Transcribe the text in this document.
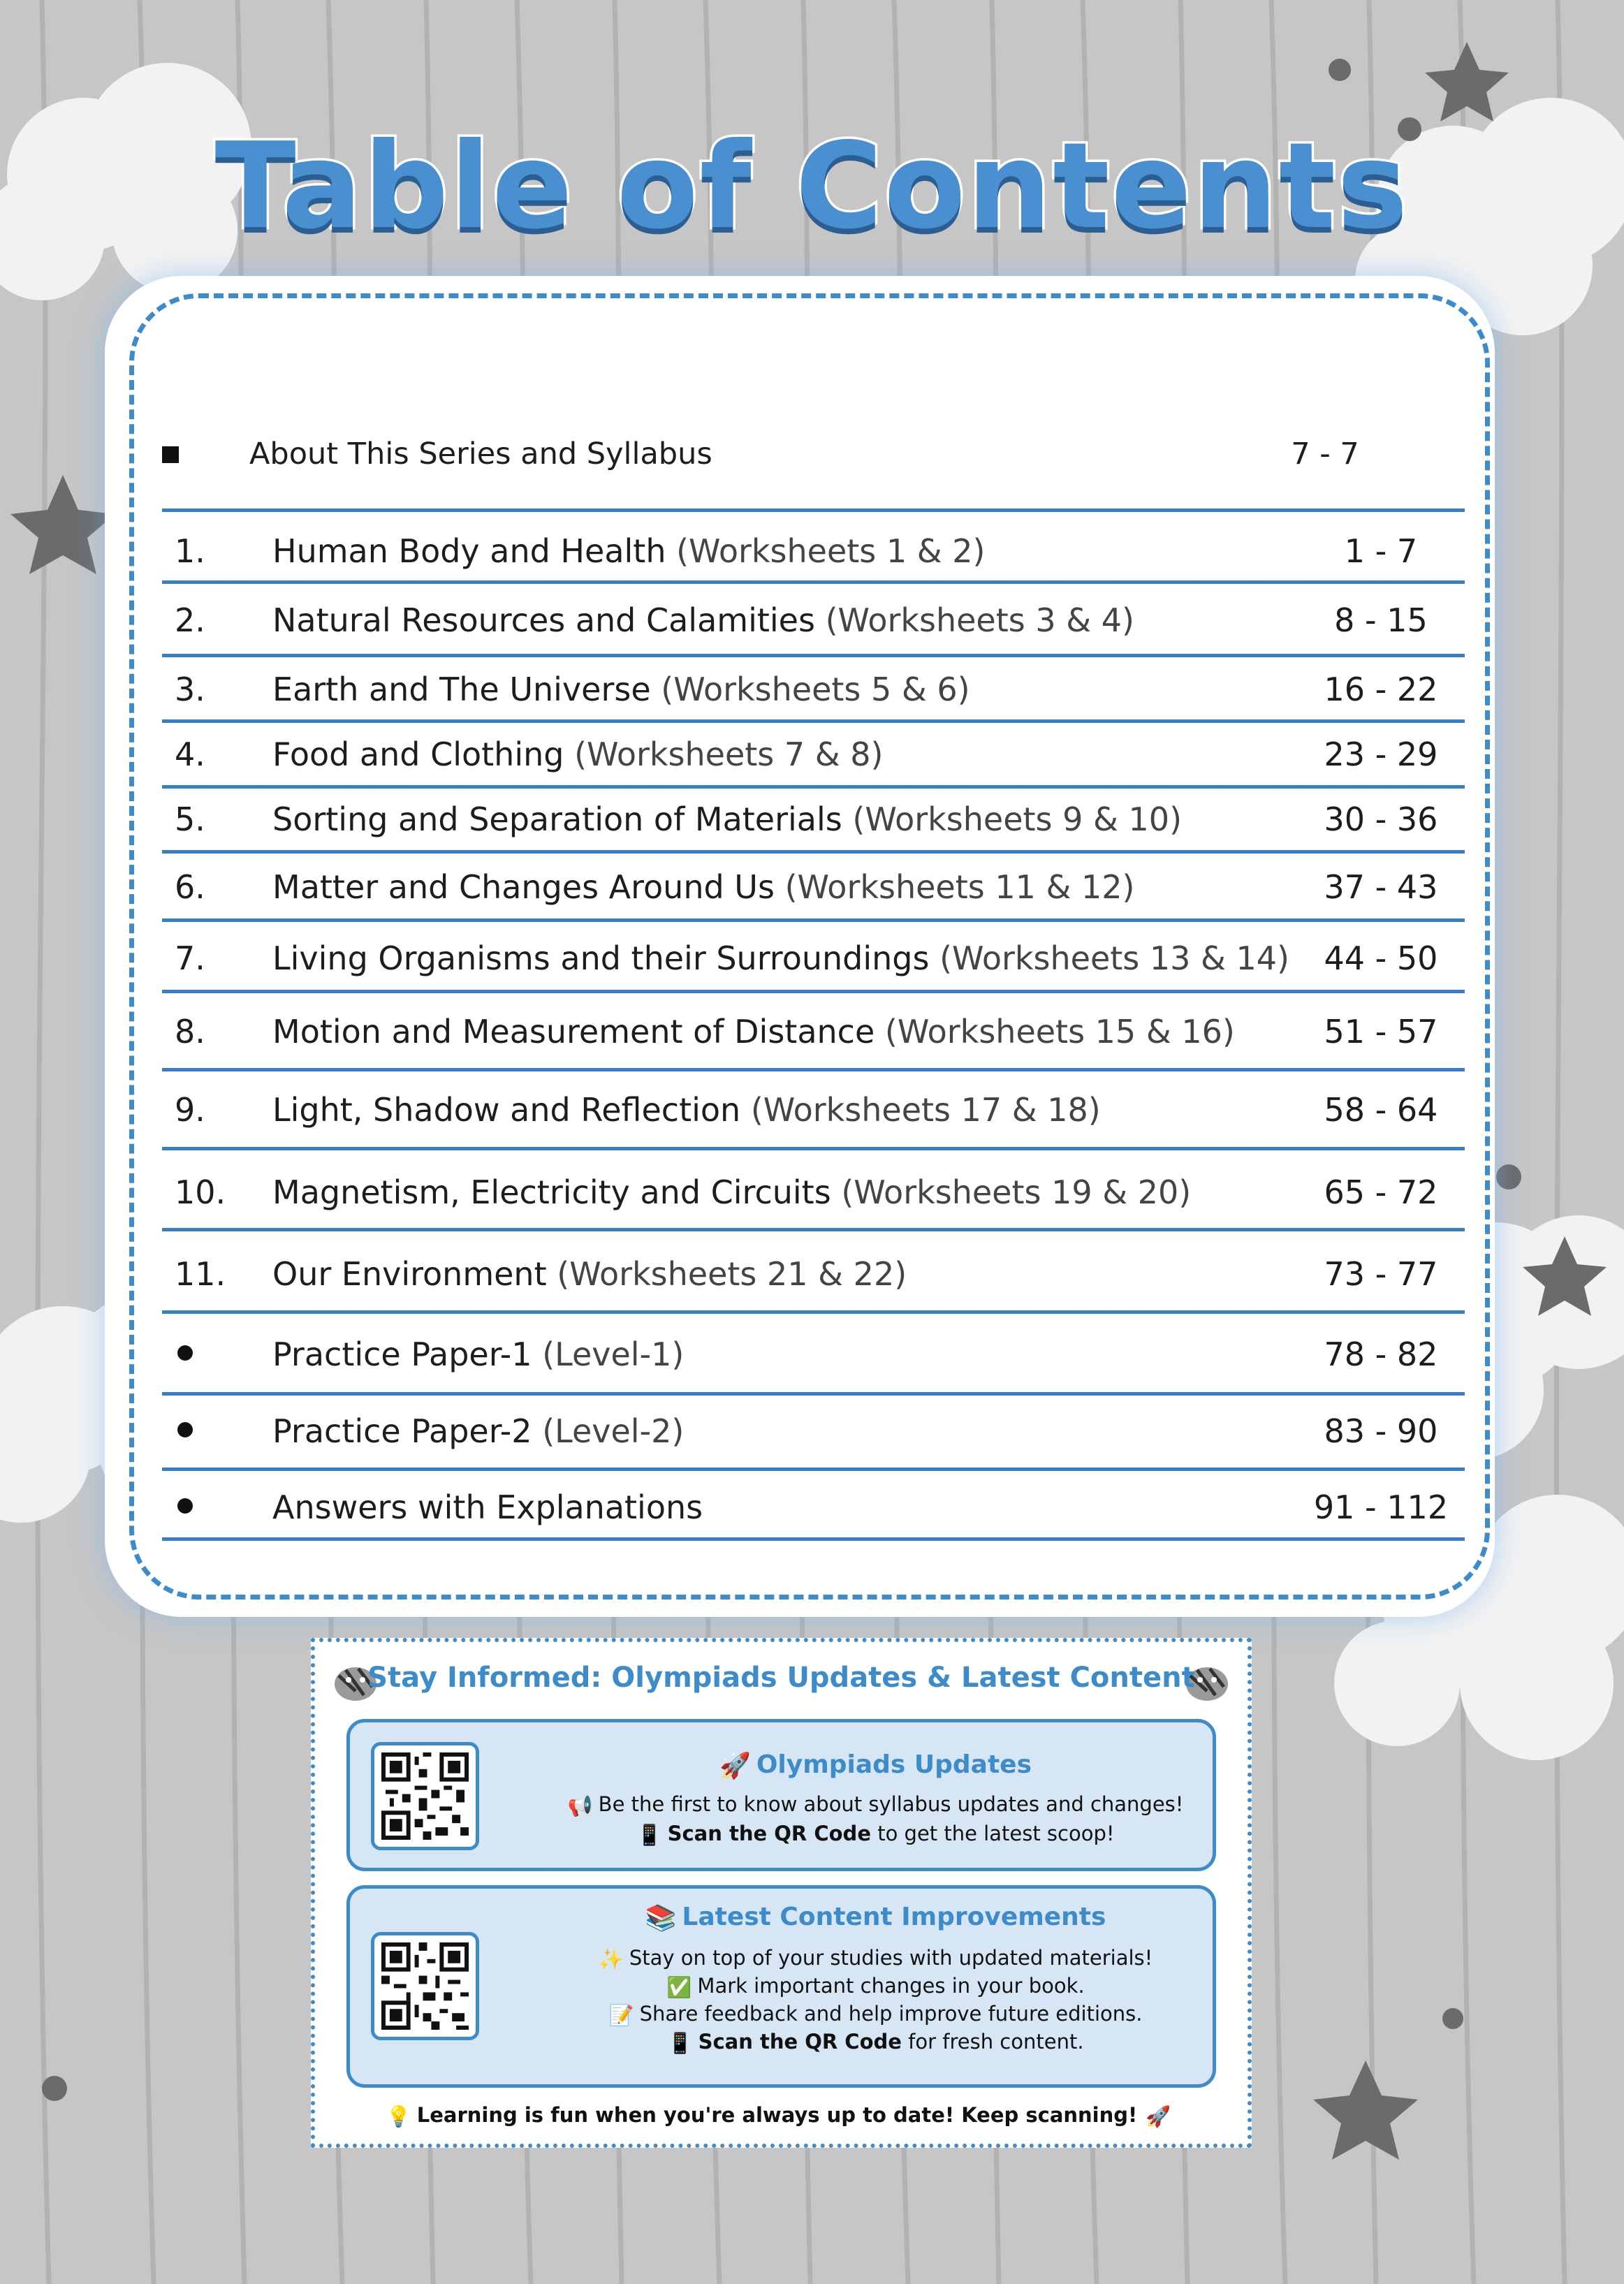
Table of Contents
About This Series and Syllabus	7 - 7
1. Human Body and Health (Worksheets 1 & 2)	1 - 7
2. Natural Resources and Calamities (Worksheets 3 & 4)	8 - 15
3. Earth and The Universe (Worksheets 5 & 6)	16 - 22
4. Food and Clothing (Worksheets 7 & 8)	23 - 29
5. Sorting and Separation of Materials (Worksheets 9 & 10)	30 - 36
6. Matter and Changes Around Us (Worksheets 11 & 12)	37 - 43
7. Living Organisms and their Surroundings (Worksheets 13 & 14)	44 - 50
8. Motion and Measurement of Distance (Worksheets 15 & 16)	51 - 57
9. Light, Shadow and Reflection (Worksheets 17 & 18)	58 - 64
10. Magnetism, Electricity and Circuits (Worksheets 19 & 20)	65 - 72
11. Our Environment (Worksheets 21 & 22)	73 - 77
Practice Paper-1 (Level-1)	78 - 82
Practice Paper-2 (Level-2)	83 - 90
Answers with Explanations	91 - 112
Stay Informed: Olympiads Updates & Latest Content
🚀 Olympiads Updates
📢 Be the first to know about syllabus updates and changes!
📱 Scan the QR Code to get the latest scoop!
📚 Latest Content Improvements
✨ Stay on top of your studies with updated materials!
✅ Mark important changes in your book.
📝 Share feedback and help improve future editions.
📱 Scan the QR Code for fresh content.
💡 Learning is fun when you're always up to date! Keep scanning! 🚀
